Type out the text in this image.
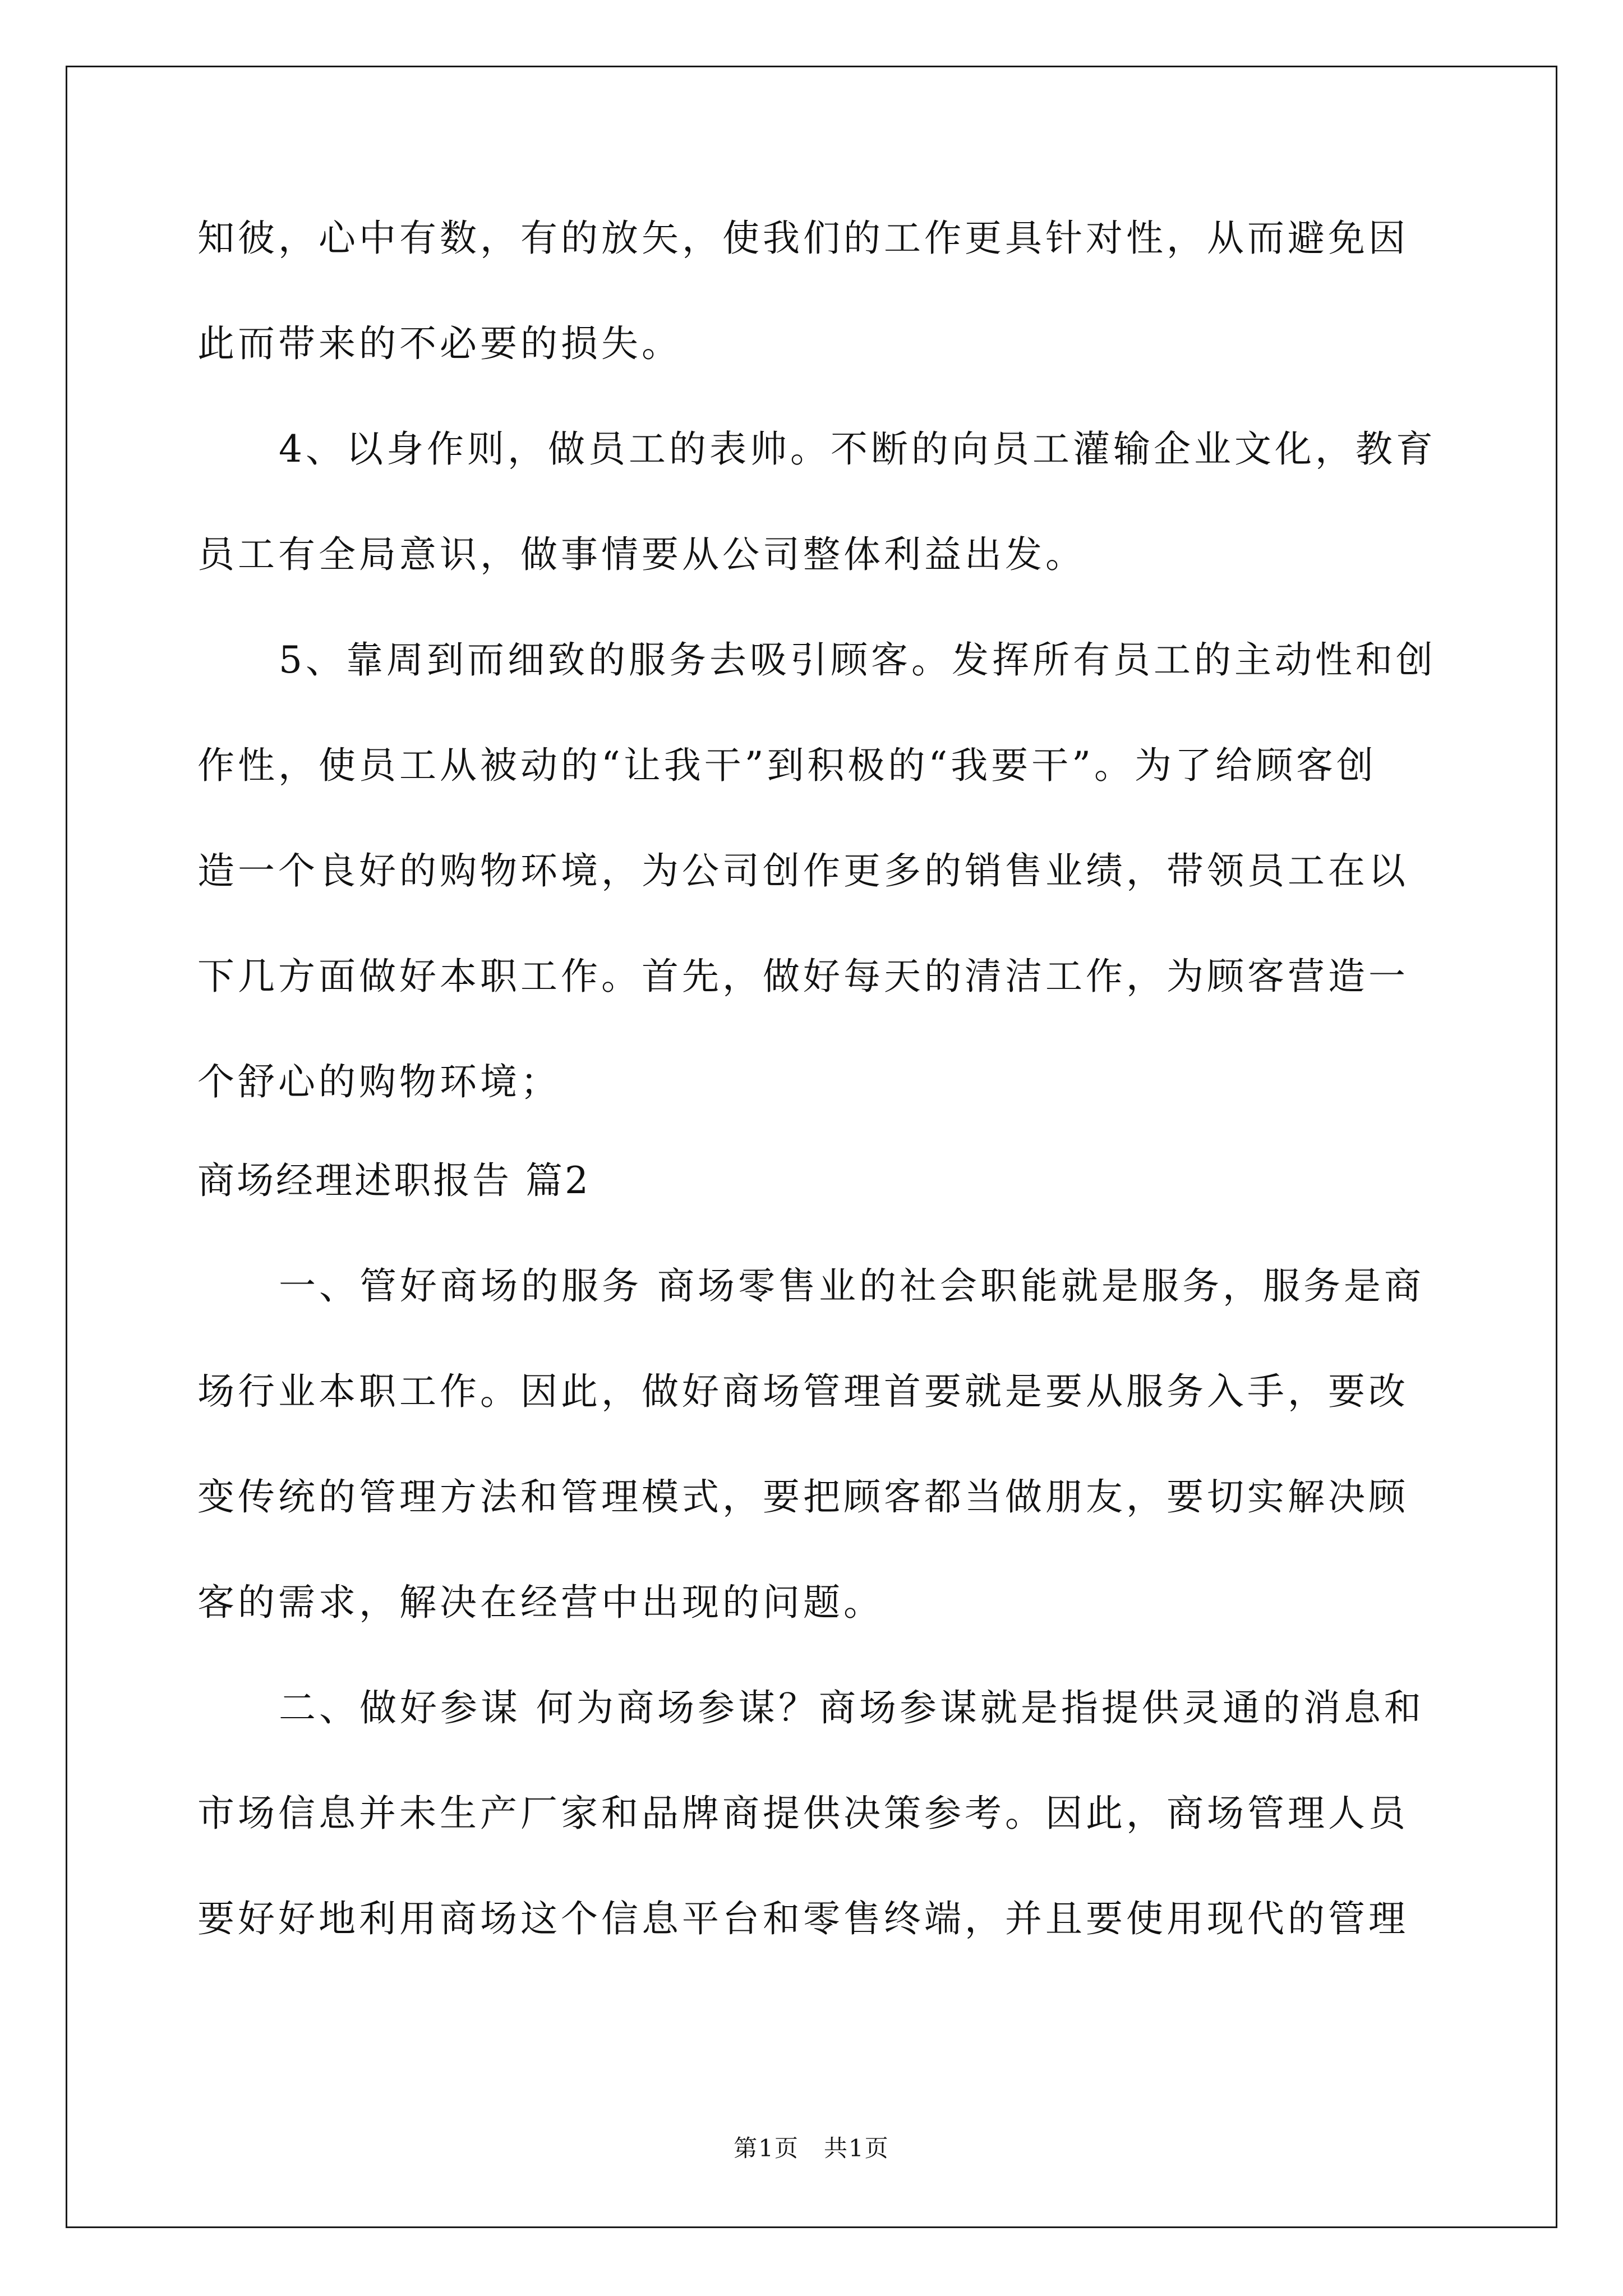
知彼，心中有数，有的放矢，使我们的工作更具针对性，从而避免因
此而带来的不必要的损失。
4、以身作则，做员工的表帅。不断的向员工灌输企业文化，教育
员工有全局意识，做事情要从公司整体利益出发。
5、靠周到而细致的服务去吸引顾客。发挥所有员工的主动性和创
作性，使员工从被动的“让我干”到积极的“我要干”。为了给顾客创
造一个良好的购物环境，为公司创作更多的销售业绩，带领员工在以
下几方面做好本职工作。首先，做好每天的清洁工作，为顾客营造一
个舒心的购物环境；
商场经理述职报告 篇2
一、管好商场的服务 商场零售业的社会职能就是服务，服务是商
场行业本职工作。因此，做好商场管理首要就是要从服务入手，要改
变传统的管理方法和管理模式，要把顾客都当做朋友，要切实解决顾
客的需求，解决在经营中出现的问题。
二、做好参谋 何为商场参谋？商场参谋就是指提供灵通的消息和
市场信息并未生产厂家和品牌商提供决策参考。因此，商场管理人员
要好好地利用商场这个信息平台和零售终端，并且要使用现代的管理
第1页　共1页
